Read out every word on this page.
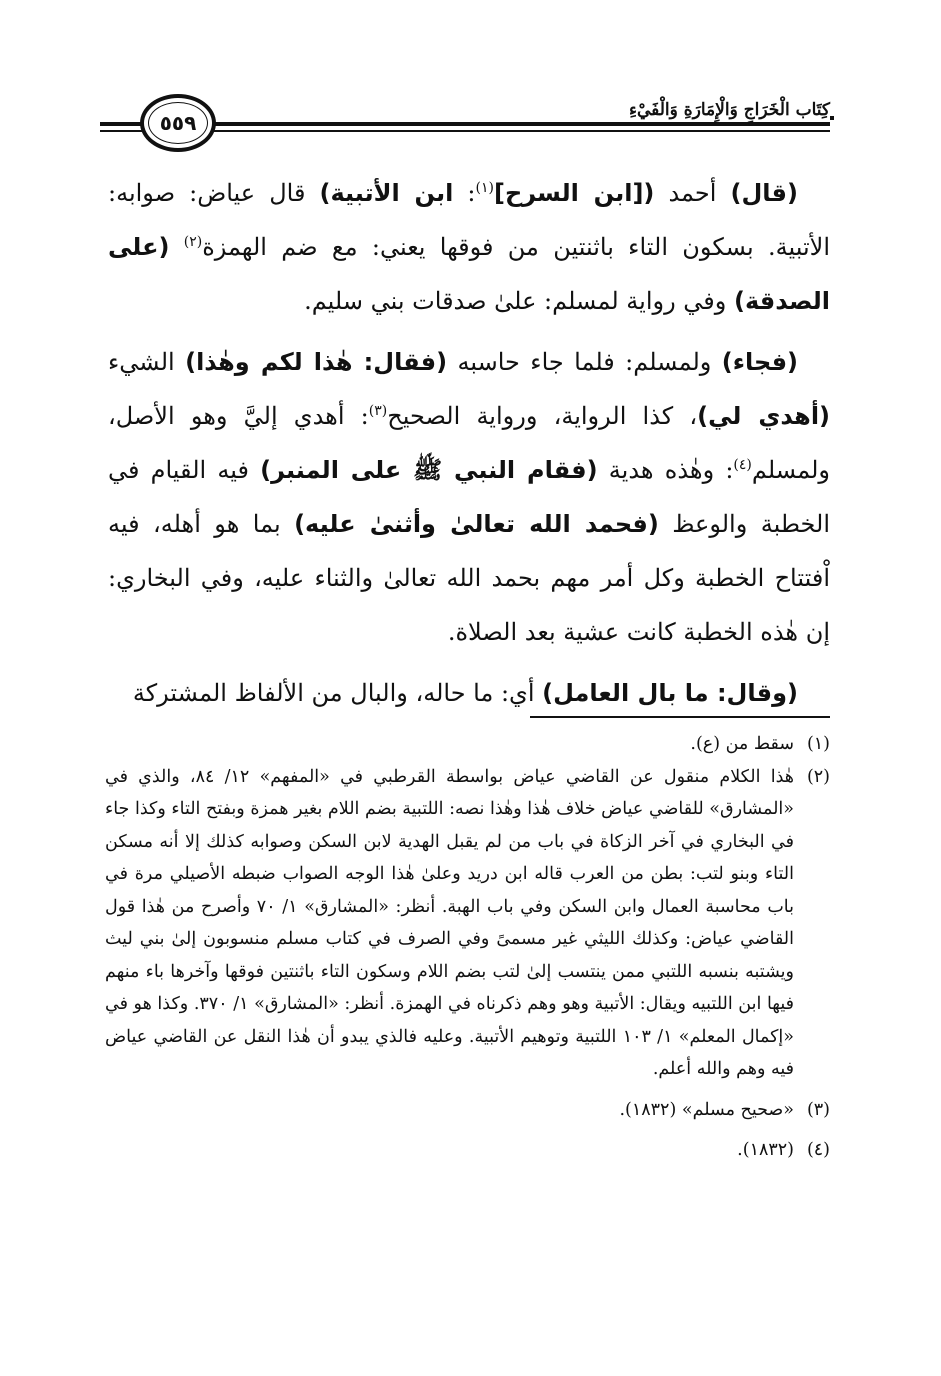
كِتَاب الْخَرَاجِ وَالْإِمَارَةِ وَالْفَيْءِ
٥٥٩

(قال) أحمد ([ابن السرح]$^{(١)}$: ابن الأتبية) قال عياض: صوابه: الأتبية. بسكون التاء باثنتين من فوقها يعني: مع ضم الهمزة$^{(٢)}$ (على الصدقة) وفي رواية لمسلم: علىٰ صدقات بني سليم.

(فجاء) ولمسلم: فلما جاء حاسبه (فقال: هٰذا لكم وهٰذا) الشيء (أهدي لي)، كذا الرواية، ورواية الصحيح$^{(٣)}$: أهدي إليَّ وهو الأصل، ولمسلم$^{(٤)}$: وهٰذه هدية (فقام النبي ﷺ على المنبر) فيه القيام في الخطبة والوعظ (فحمد الله تعالىٰ وأثنىٰ عليه) بما هو أهله، فيه اْفتتاح الخطبة وكل أمر مهم بحمد الله تعالىٰ والثناء عليه، وفي البخاري: إن هٰذه الخطبة كانت عشية بعد الصلاة.

(وقال: ما بال العامل) أي: ما حاله، والبال من الألفاظ المشتركة

(١)
سقط من (ع).
(٢)
هٰذا الكلام منقول عن القاضي عياض بواسطة القرطبي في «المفهم» ١٢/ ٨٤، والذي في «المشارق» للقاضي عياض خلاف هٰذا وهٰذا نصه: اللتبية بضم اللام بغير همزة وبفتح التاء وكذا جاء في البخاري في آخر الزكاة في باب من لم يقبل الهدية لابن السكن وصوابه كذلك إلا أنه مسكن التاء وبنو لتب: بطن من العرب قاله ابن دريد وعلىٰ هٰذا الوجه الصواب ضبطه الأصيلي مرة في باب محاسبة العمال وابن السكن وفي باب الهبة. أنظر: «المشارق» ١/ ٧٠ وأصرح من هٰذا قول القاضي عياض: وكذلك الليثي غير مسمىً وفي الصرف في كتاب مسلم منسوبون إلىٰ بني ليث ويشتبه بنسبه اللتبي ممن ينتسب إلىٰ لتب بضم اللام وسكون التاء باثنتين فوقها وآخرها باء منهم فيها ابن اللتبيه ويقال: الأتبية وهو وهم ذكرناه في الهمزة. أنظر: «المشارق» ١/ ٣٧٠. وكذا هو في «إكمال المعلم» ١/ ١٠٣ اللتبية وتوهيم الأتبية. وعليه فالذي يبدو أن هٰذا النقل عن القاضي عياض فيه وهم والله أعلم.
(٣)
«صحيح مسلم» (١٨٣٢).
(٤)
(١٨٣٢).
